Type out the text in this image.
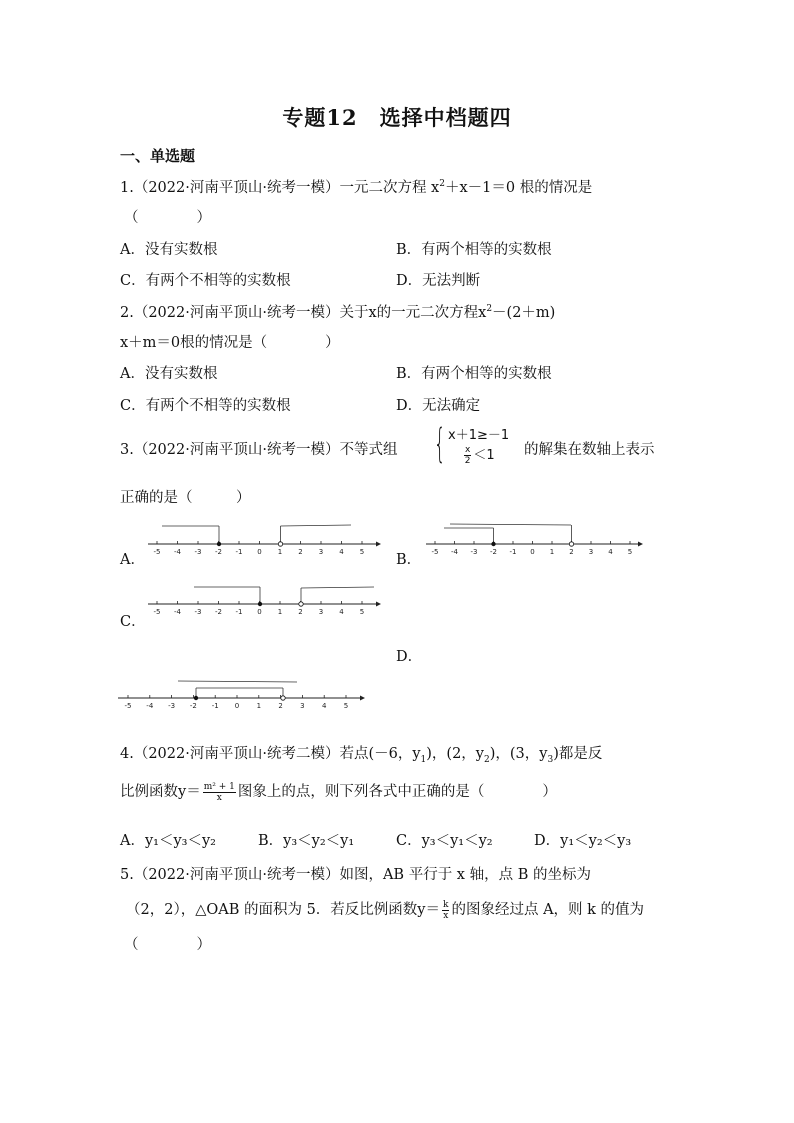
专题12　选择中档题四
一、单选题
1.（2022·河南平顶山·统考一模）一元二次方程 $x^2+x-1=0$ 根的情况是
（　　　　）
A．没有实数根	B．有两个相等的实数根
C．有两个不相等的实数根	D．无法判断
2.（2022·河南平顶山·统考一模）关于x的一元二次方程$x^2-(2+m)$
x＋m＝0根的情况是（　　　　）
A．没有实数根	B．有两个相等的实数根
C．有两个不相等的实数根	D．无法确定
3.（2022·河南平顶山·统考一模）不等式组 { x＋1≥－1
$\frac{x}{2} <1$ 的解集在数轴上表示
正确的是（　　　）
A．	B．
C．
D．
-5 -4 -3 -2 -1 0 1 2 3 4 5	-5 -4 -3 -2 -1 0 1 2 3 4 5
-5 -4 -3 -2 -1 0 1 2 3 4 5
-5 -4 -3 -2 -1 0 1 2 3 4 5
4.（2022·河南平顶山·统考二模）若点(－6，$y_1$)，(2，$y_2$)，(3，$y_3$)都是反
比例函数$y= \frac{\text{m² + 1}}{x}$ 图象上的点，则下列各式中正确的是（　　　　）
A．y₁＜y₃＜y₂	B．y₃＜y₂＜y₁	C．y₃＜y₁＜y₂	D．y₁＜y₂＜y₃
5.（2022·河南平顶山·统考一模）如图，AB 平行于 x 轴，点 B 的坐标为
（2，2），△OAB 的面积为 5．若反比例函数$y= \frac{k}{x}$ 的图象经过点 A，则 k 的值为
（　　　　）
